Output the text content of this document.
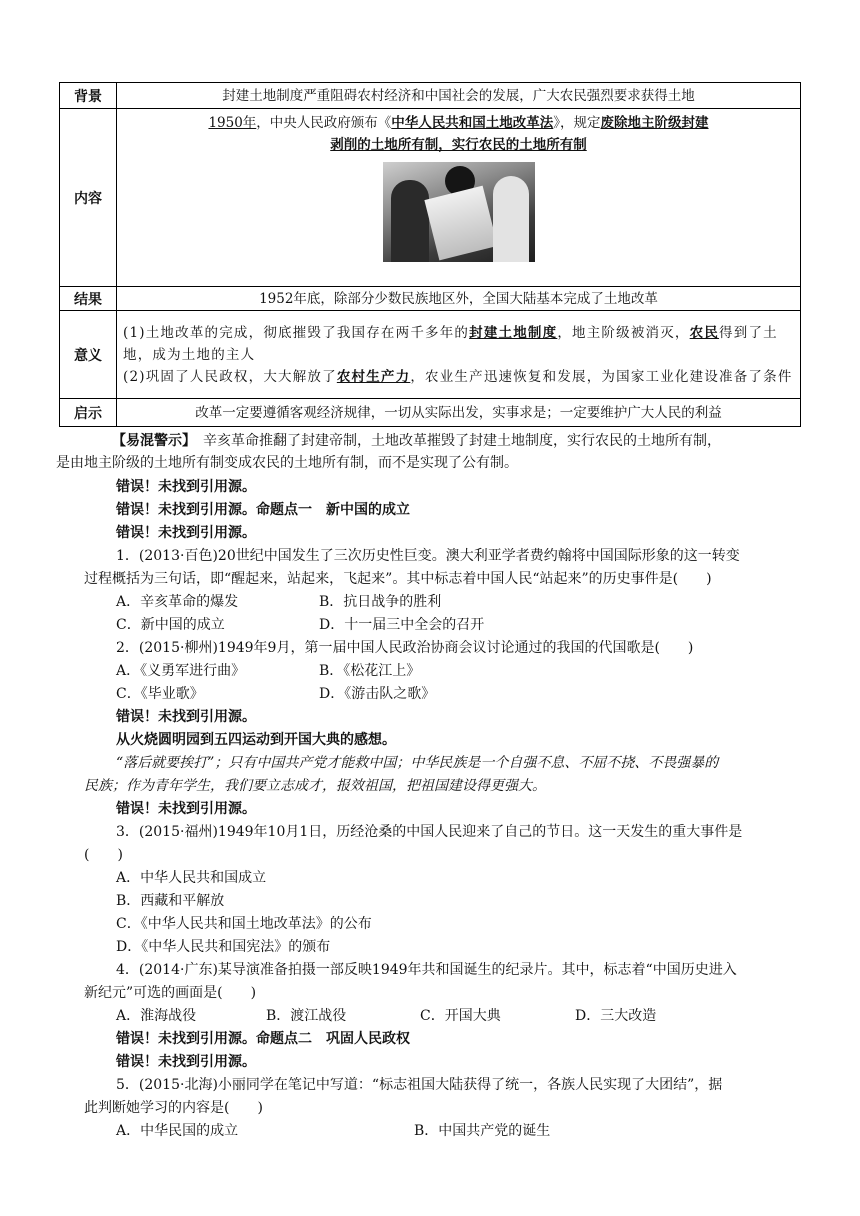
背景	封建土地制度严重阻碍农村经济和中国社会的发展，广大农民强烈要求获得土地
内容	1950年，中央人民政府颁布《中华人民共和国土地改革法》，规定废除地主阶级封建
剥削的土地所有制，实行农民的土地所有制

结果	1952年底，除部分少数民族地区外，全国大陆基本完成了土地改革
意义	(1)土地改革的完成，彻底摧毁了我国存在两千多年的封建土地制度，地主阶级被消灭，农民得到了土地，成为土地的主人
(2)巩固了人民政权，大大解放了农村生产力，农业生产迅速恢复和发展，为国家工业化建设准备了条件

启示	改革一定要遵循客观经济规律，一切从实际出发，实事求是；一定要维护广大人民的利益
【易混警示】　辛亥革命推翻了封建帝制，土地改革摧毁了封建土地制度，实行农民的土地所有制，
是由地主阶级的土地所有制变成农民的土地所有制，而不是实现了公有制。
错误！未找到引用源。
错误！未找到引用源。命题点一　新中国的成立
错误！未找到引用源。
1．(2013·百色)20世纪中国发生了三次历史性巨变。澳大利亚学者费约翰将中国国际形象的这一转变
过程概括为三句话，即“醒起来，站起来，飞起来”。其中标志着中国人民“站起来”的历史事件是(　　)
A．辛亥革命的爆发	B．抗日战争的胜利
C．新中国的成立	D．十一届三中全会的召开
2．(2015·柳州)1949年9月，第一届中国人民政治协商会议讨论通过的我国的代国歌是(　　)
A．《义勇军进行曲》	B．《松花江上》
C．《毕业歌》	D．《游击队之歌》
错误！未找到引用源。
从火烧圆明园到五四运动到开国大典的感想。
“落后就要挨打”；只有中国共产党才能救中国；中华民族是一个自强不息、不屈不挠、不畏强暴的
民族；作为青年学生，我们要立志成才，报效祖国，把祖国建设得更强大。
错误！未找到引用源。
3．(2015·福州)1949年10月1日，历经沧桑的中国人民迎来了自己的节日。这一天发生的重大事件是
(　　)
A．中华人民共和国成立
B．西藏和平解放
C．《中华人民共和国土地改革法》的公布
D．《中华人民共和国宪法》的颁布
4．(2014·广东)某导演准备拍摄一部反映1949年共和国诞生的纪录片。其中，标志着“中国历史进入
新纪元”可选的画面是(　　)
A．淮海战役	B．渡江战役	C．开国大典	D．三大改造
错误！未找到引用源。命题点二　巩固人民政权
错误！未找到引用源。
5．(2015·北海)小丽同学在笔记中写道：“标志祖国大陆获得了统一，各族人民实现了大团结”，据
此判断她学习的内容是(　　)
A．中华民国的成立	B．中国共产党的诞生
